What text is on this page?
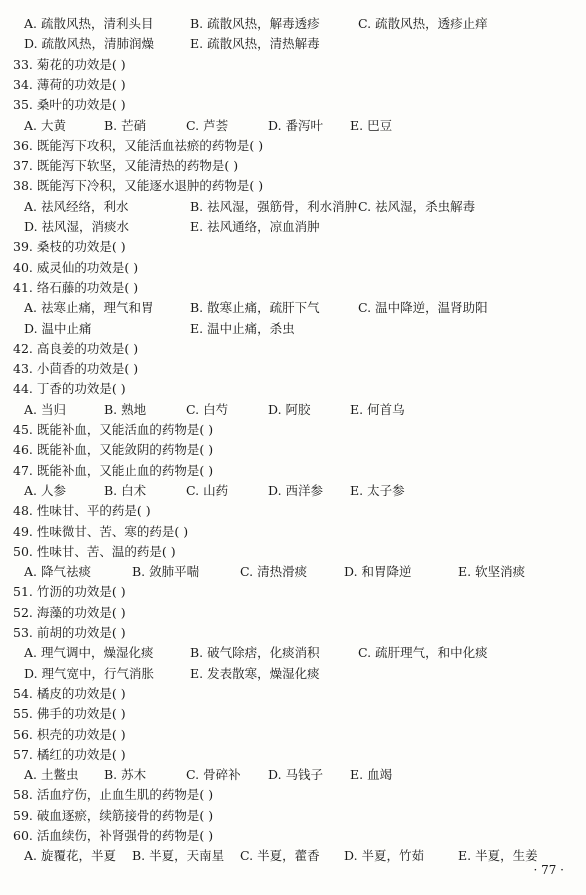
A. 疏散风热，清利头目	B. 疏散风热，解毒透疹	C. 疏散风热，透疹止痒
D. 疏散风热，清肺润燥	E. 疏散风热，清热解毒
33. 菊花的功效是( )
34. 薄荷的功效是( )
35. 桑叶的功效是( )
A. 大黄	B. 芒硝	C. 芦荟	D. 番泻叶 E. 巴豆
36. 既能泻下攻积，又能活血祛瘀的药物是( )
37. 既能泻下软坚，又能清热的药物是( )
38. 既能泻下冷积，又能逐水退肿的药物是( )
A. 祛风经络，利水	B. 祛风湿，强筋骨，利水消肿 C. 祛风湿，杀虫解毒
D. 祛风湿，消痰水	E. 祛风通络，凉血消肿
39. 桑枝的功效是( )
40. 威灵仙的功效是( )
41. 络石藤的功效是( )
A. 祛寒止痛，理气和胃	B. 散寒止痛，疏肝下气	C. 温中降逆，温肾助阳
D. 温中止痛	E. 温中止痛，杀虫
42. 高良姜的功效是( )
43. 小茴香的功效是( )
44. 丁香的功效是( )
A. 当归	B. 熟地	C. 白芍	D. 阿胶	E. 何首乌
45. 既能补血，又能活血的药物是( )
46. 既能补血，又能敛阴的药物是( )
47. 既能补血，又能止血的药物是( )
A. 人参	B. 白术	C. 山药	D. 西洋参 E. 太子参
48. 性味甘、平的药是( )
49. 性味微甘、苦、寒的药是( )
50. 性味甘、苦、温的药是( )
A. 降气祛痰	B. 敛肺平喘	C. 清热滑痰	D. 和胃降逆	E. 软坚消痰
51. 竹沥的功效是( )
52. 海藻的功效是( )
53. 前胡的功效是( )
A. 理气调中，燥湿化痰	B. 破气除痞，化痰消积	C. 疏肝理气，和中化痰
D. 理气宽中，行气消胀	E. 发表散寒，燥湿化痰
54. 橘皮的功效是( )
55. 佛手的功效是( )
56. 枳壳的功效是( )
57. 橘红的功效是( )
A. 土鳖虫 B. 苏木	C. 骨碎补 D. 马钱子 E. 血竭
58. 活血疗伤，止血生肌的药物是( )
59. 破血逐瘀，续筋接骨的药物是( )
60. 活血续伤，补肾强骨的药物是( )
A. 旋覆花，半夏 B. 半夏，天南星 C. 半夏，藿香 D. 半夏，竹茹	E. 半夏，生姜
· 77 ·
